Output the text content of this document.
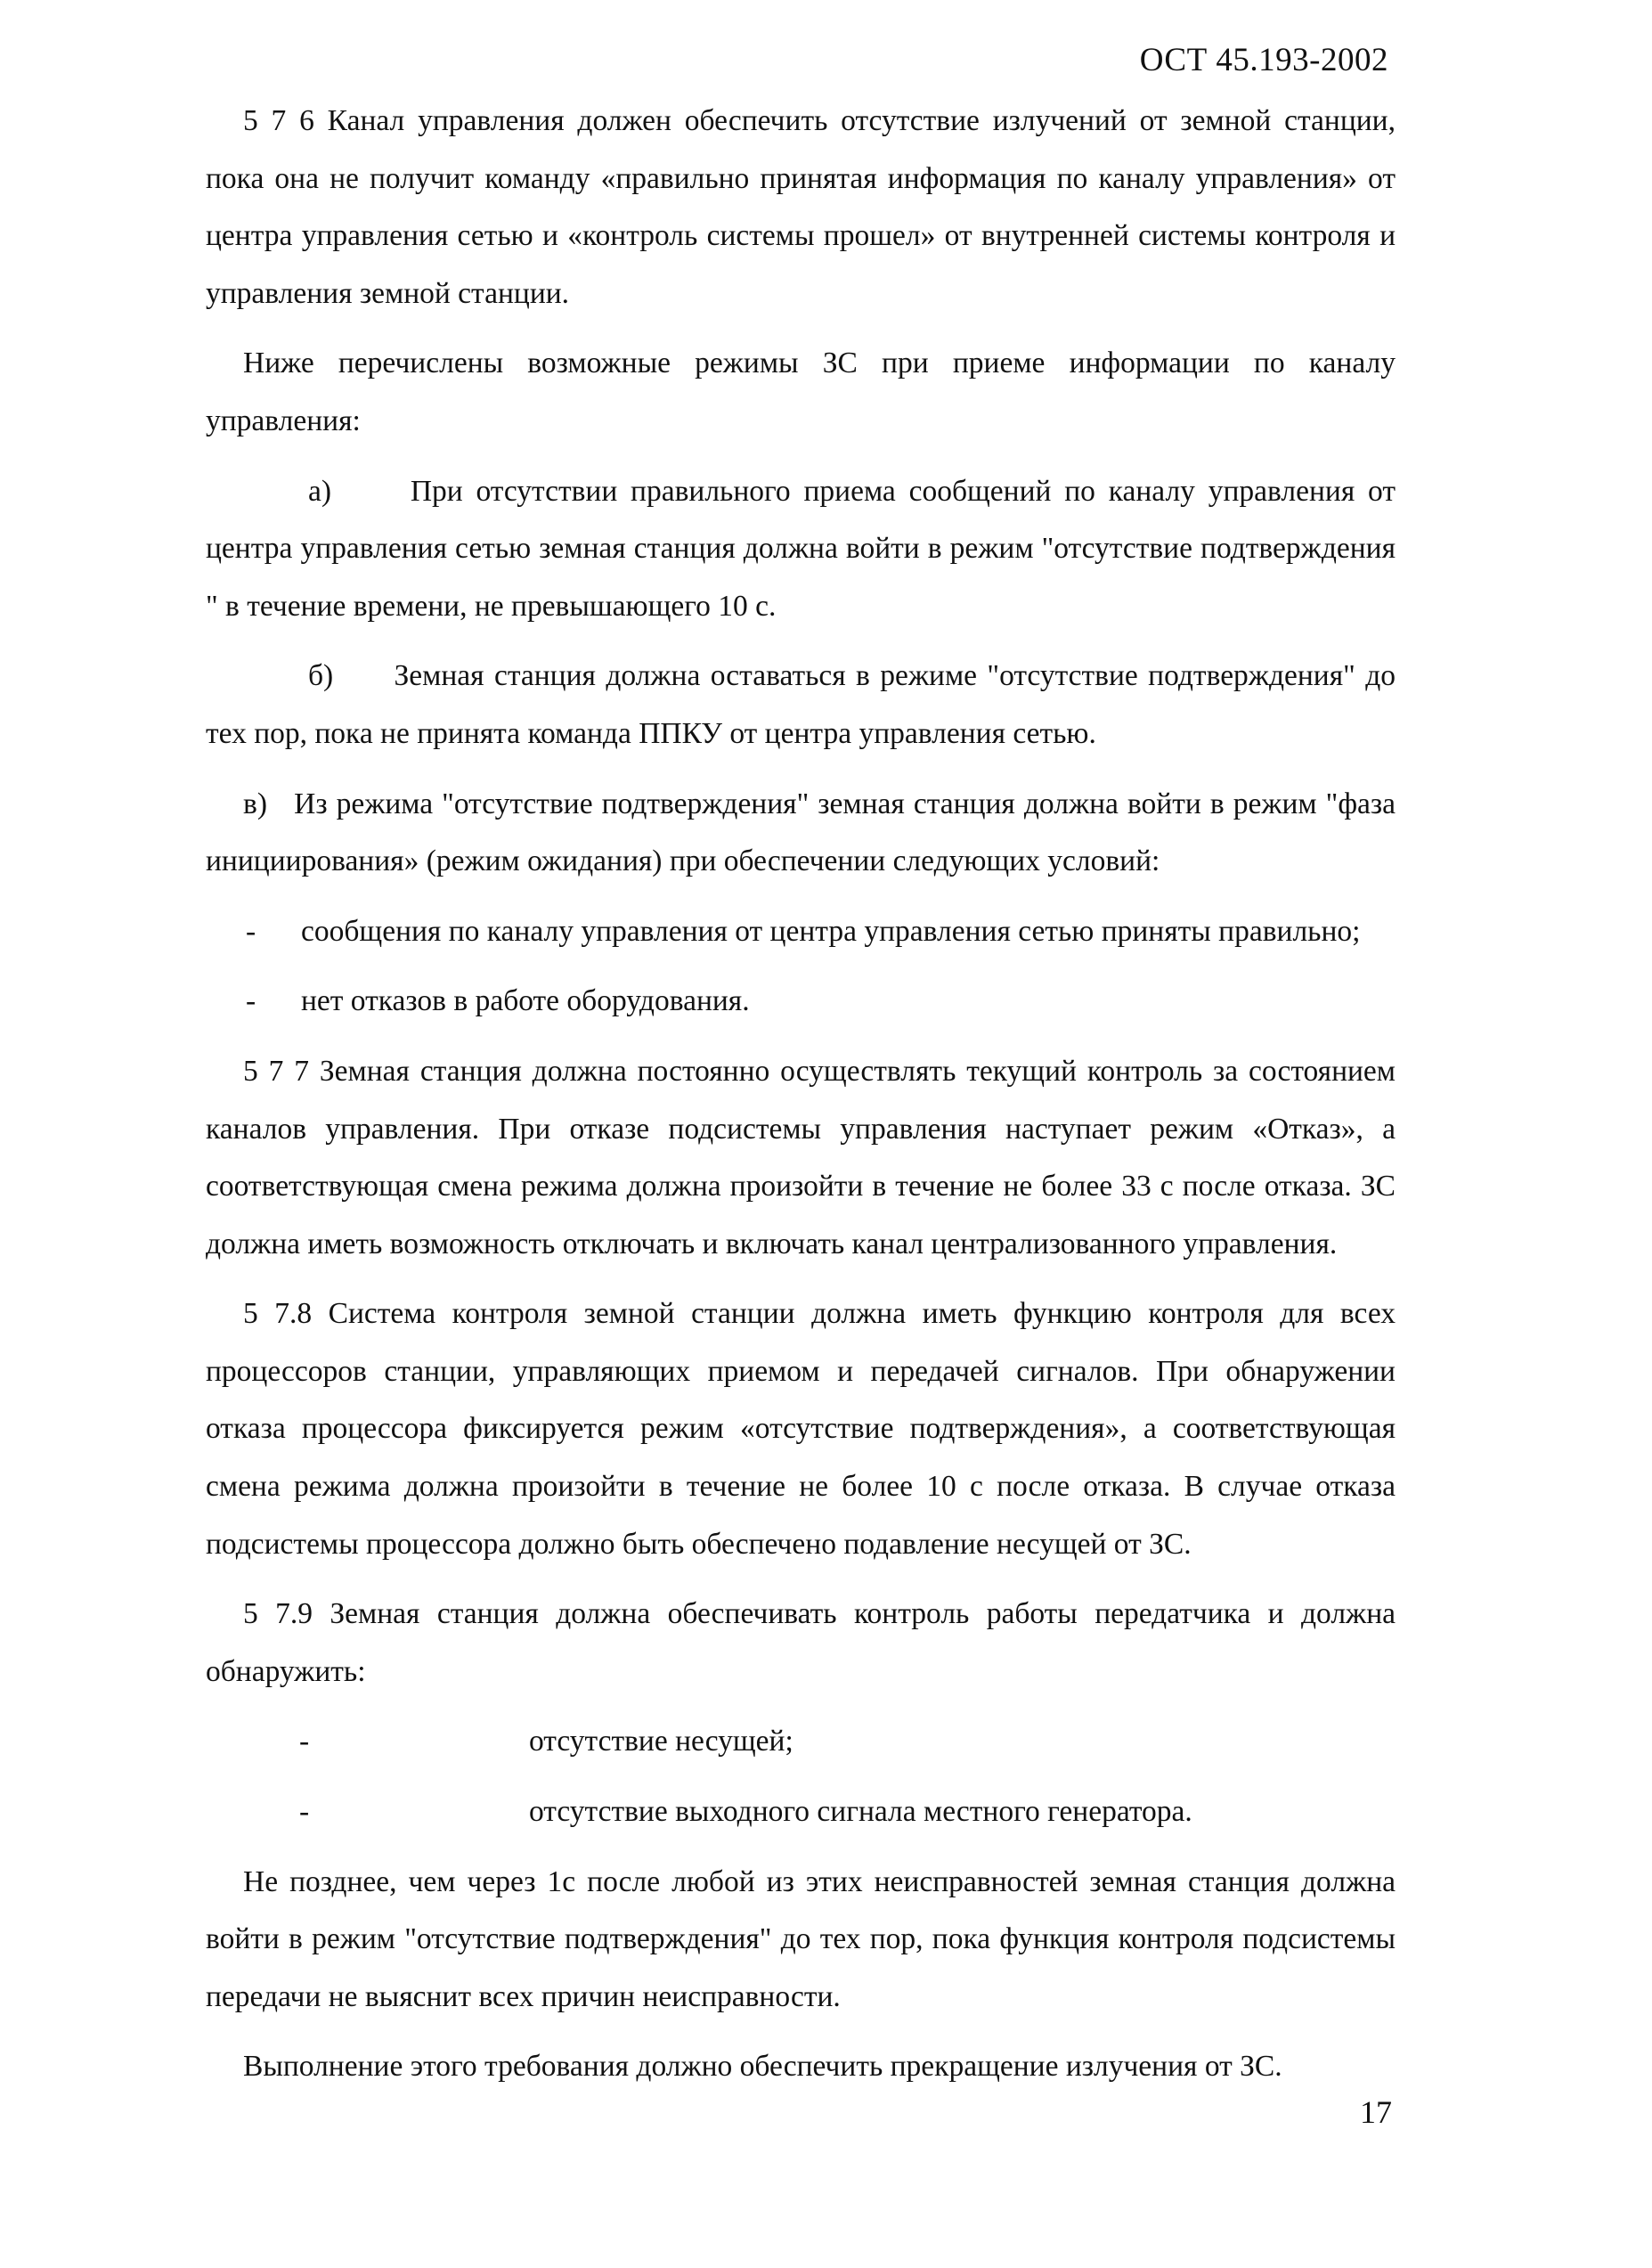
ОСТ 45.193-2002

5 7 6 Канал управления должен обеспечить отсутствие излучений от земной станции, пока она не получит команду «правильно принятая информация по каналу управления» от центра управления сетью и «контроль системы прошел» от внутренней системы контроля и управления земной станции.

Ниже перечислены возможные режимы ЗС при приеме информации по каналу управления:

а)      При отсутствии правильного приема сообщений по каналу управления от центра управления сетью земная станция должна войти в режим "отсутствие подтверждения " в течение времени, не превышающего 10 с.

б)      Земная станция должна оставаться в режиме "отсутствие подтверждения" до тех пор, пока не принята команда ППКУ от центра управления сетью.

в)   Из режима "отсутствие подтверждения" земная станция должна войти в режим "фаза инициирования» (режим ожидания) при обеспечении следующих условий:

-	сообщения по каналу управления от центра управления сетью приняты правильно;
-	нет отказов в работе оборудования.

5 7 7 Земная станция должна постоянно осуществлять текущий контроль за состоянием каналов управления. При отказе подсистемы управления наступает режим «Отказ», а соответствующая смена режима должна произойти в течение не более 33 с после отказа. ЗС должна иметь возможность отключать и включать канал централизованного управления.

5 7.8 Система контроля земной станции должна иметь функцию контроля для всех процессоров станции, управляющих приемом и передачей сигналов. При обнаружении отказа процессора фиксируется режим «отсутствие подтверждения», а соответствующая смена режима должна произойти в течение не более 10 с после отказа. В случае отказа подсистемы процессора должно быть обеспечено подавление несущей от ЗС.

5 7.9 Земная станция должна обеспечивать контроль работы передатчика и должна обнаружить:

-	отсутствие несущей;
-	отсутствие выходного сигнала местного генератора.

Не позднее, чем через 1с после любой из этих неисправностей земная станция должна войти в режим "отсутствие подтверждения" до тех пор, пока функция контроля подсистемы передачи не выяснит всех причин неисправности.

Выполнение этого требования должно обеспечить прекращение излучения от ЗС.

17
